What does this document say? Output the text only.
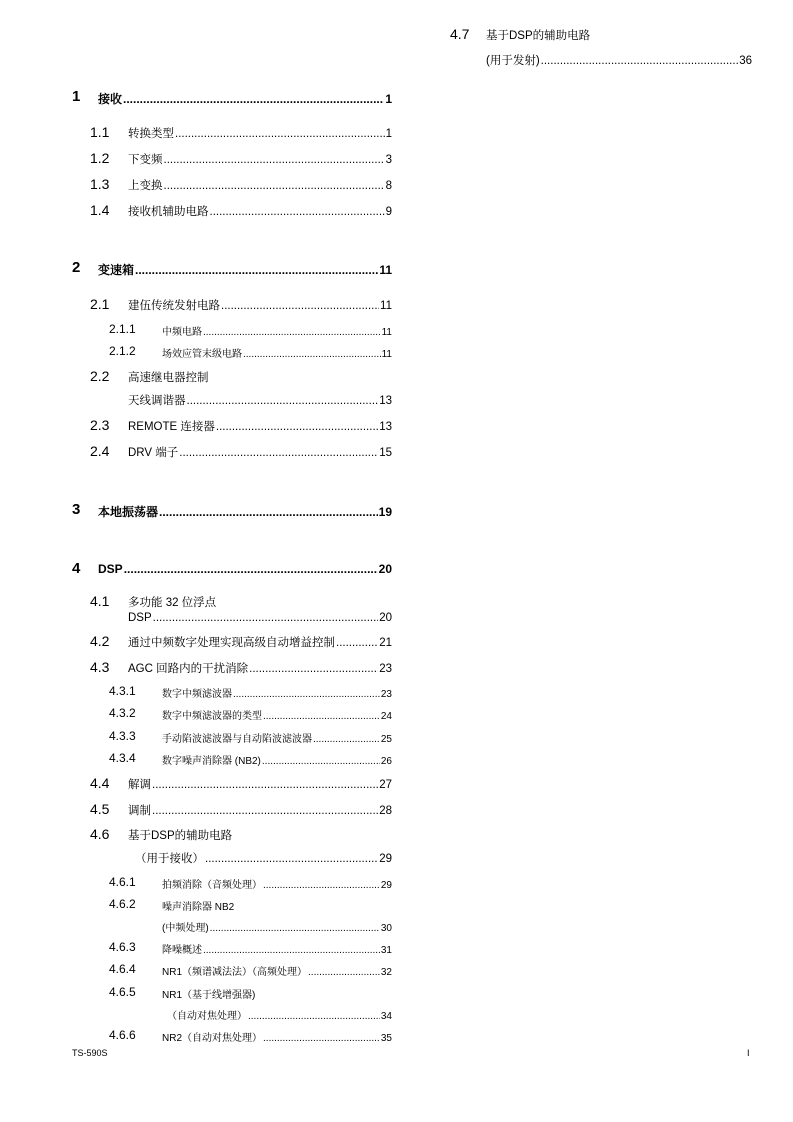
4.7 基于DSP的辅助电路
(用于发射) .....	36
1 接收 .....	1
1.1 转换类型 .....	1
1.2 下变频 .....	3
1.3 上变换 .....	8
1.4 接收机辅助电路 .....	9
2 变速箱 .....	11
2.1 建伍传统发射电路 .....	11
2.1.1	中频电路 .....	11
2.1.2	场效应管末级电路 .....	11
2.2 高速继电器控制
天线调谐器 .....	13
2.3 REMOTE 连接器 .....	13
2.4 DRV 端子 .....	15
3 本地振荡器 .....	19
4 DSP .....	20
4.1 多功能 32 位浮点
DSP .....	20
4.2 通过中频数字处理实现高级自动增益控制 .....	21
4.3 AGC 回路内的干扰消除 .....	23
4.3.1	数字中频滤波器 .....	23
4.3.2	数字中频滤波器的类型 .....	24
4.3.3	手动陷波滤波器与自动陷波滤波器 .....	25
4.3.4	数字噪声消除器 (NB2) .....	26
4.4 解调 .....	27
4.5 调制 .....	28
4.6 基于DSP的辅助电路
（用于接收） .....	29
4.6.1	拍频消除（音频处理） .....	29
4.6.2	噪声消除器 NB2
(中频处理) .....	30
4.6.3	降噪概述 .....	31
4.6.4	NR1（频谱减法法）（高频处理） .....	32
4.6.5	NR1（基于线增强器)
（自动对焦处理） .....	34
4.6.6	NR2（自动对焦处理） .....	35
TS-590S	I
